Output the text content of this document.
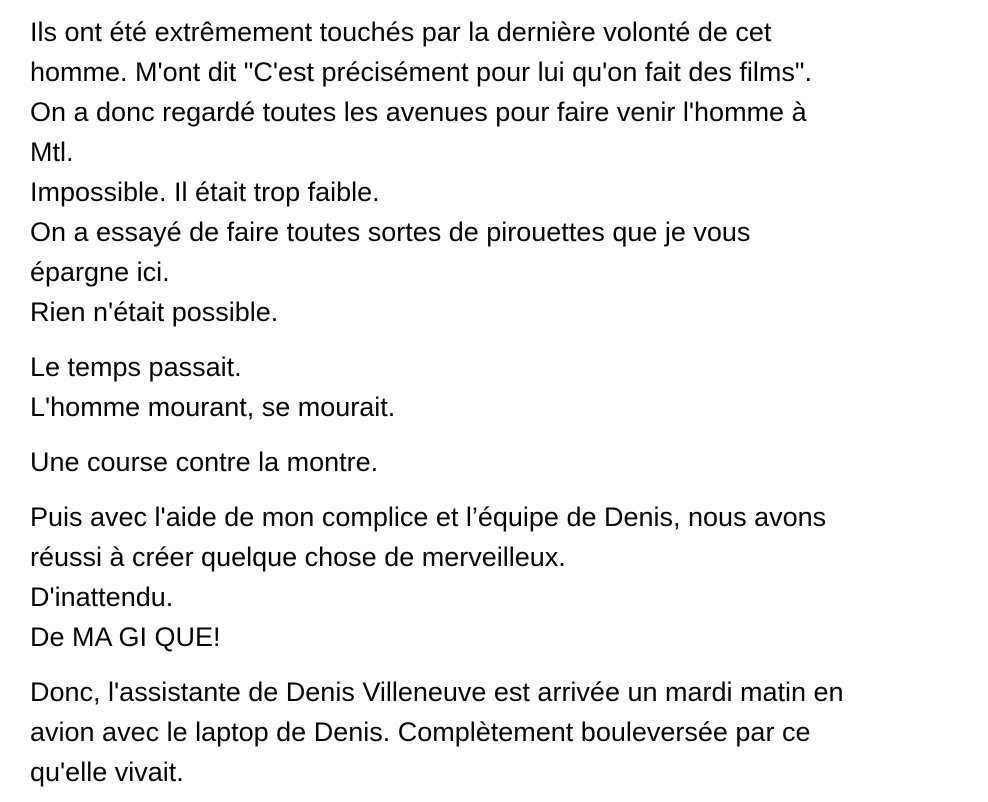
Ils ont été extrêmement touchés par la dernière volonté de cet
homme. M'ont dit "C'est précisément pour lui qu'on fait des films".
On a donc regardé toutes les avenues pour faire venir l'homme à
Mtl.
Impossible. Il était trop faible.
On a essayé de faire toutes sortes de pirouettes que je vous
épargne ici.
Rien n'était possible.

Le temps passait.
L'homme mourant, se mourait.

Une course contre la montre.

Puis avec l'aide de mon complice et l’équipe de Denis, nous avons
réussi à créer quelque chose de merveilleux.
D'inattendu.
De MA GI QUE!

Donc, l'assistante de Denis Villeneuve est arrivée un mardi matin en
avion avec le laptop de Denis. Complètement bouleversée par ce
qu'elle vivait.
